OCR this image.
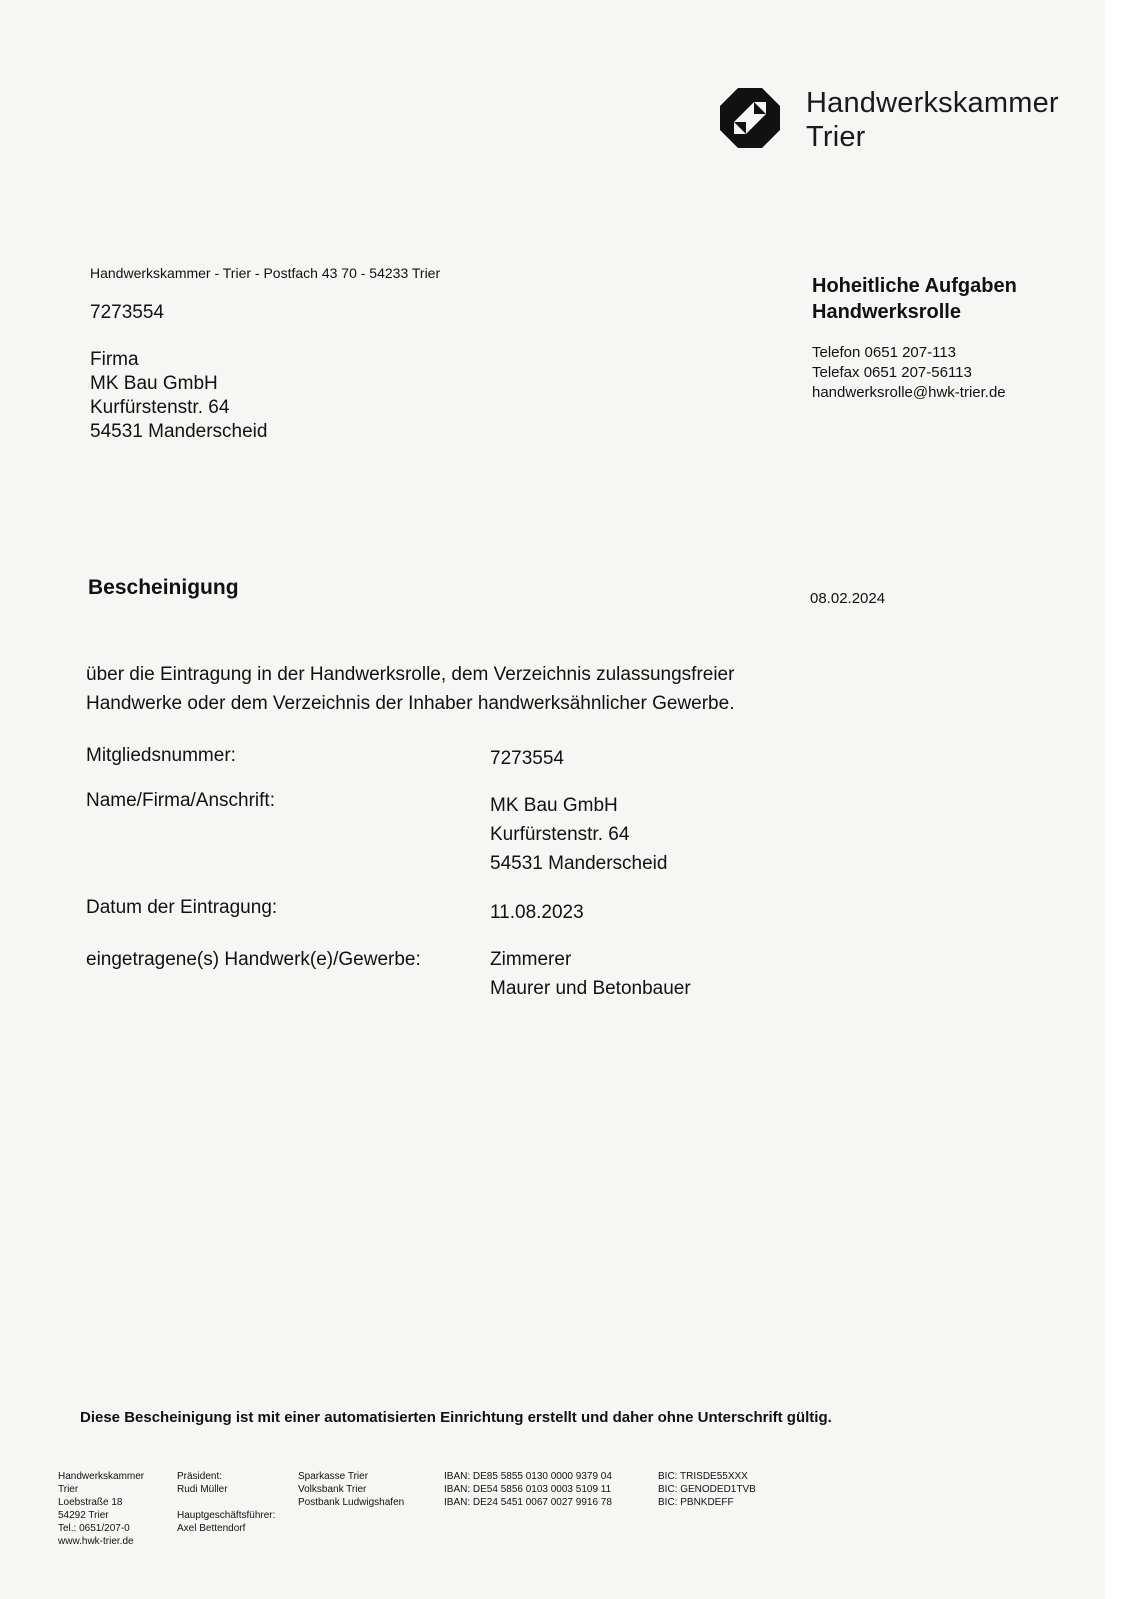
Handwerkskammer
Trier
Handwerkskammer - Trier - Postfach 43 70 - 54233 Trier
7273554
Firma
MK Bau GmbH
Kurfürstenstr. 64
54531 Manderscheid
Hoheitliche Aufgaben
Handwerksrolle
Telefon 0651 207-113
Telefax 0651 207-56113
handwerksrolle@hwk-trier.de
Bescheinigung	08.02.2024
über die Eintragung in der Handwerksrolle, dem Verzeichnis zulassungsfreier
Handwerke oder dem Verzeichnis der Inhaber handwerksähnlicher Gewerbe.
Mitgliedsnummer:	7273554
Name/Firma/Anschrift:	MK Bau GmbH
Kurfürstenstr. 64
54531 Manderscheid
Datum der Eintragung:	11.08.2023
eingetragene(s) Handwerk(e)/Gewerbe:	Zimmerer
Maurer und Betonbauer
Diese Bescheinigung ist mit einer automatisierten Einrichtung erstellt und daher ohne Unterschrift gültig.
Handwerkskammer
Trier
Loebstraße 18
54292 Trier
Tel.: 0651/207-0
www.hwk-trier.de
Präsident:
Rudi Müller
Hauptgeschäftsführer:
Axel Bettendorf
Sparkasse Trier
Volksbank Trier
Postbank Ludwigshafen
IBAN: DE85 5855 0130 0000 9379 04
IBAN: DE54 5856 0103 0003 5109 11
IBAN: DE24 5451 0067 0027 9916 78
BIC: TRISDE55XXX
BIC: GENODED1TVB
BIC: PBNKDEFF
